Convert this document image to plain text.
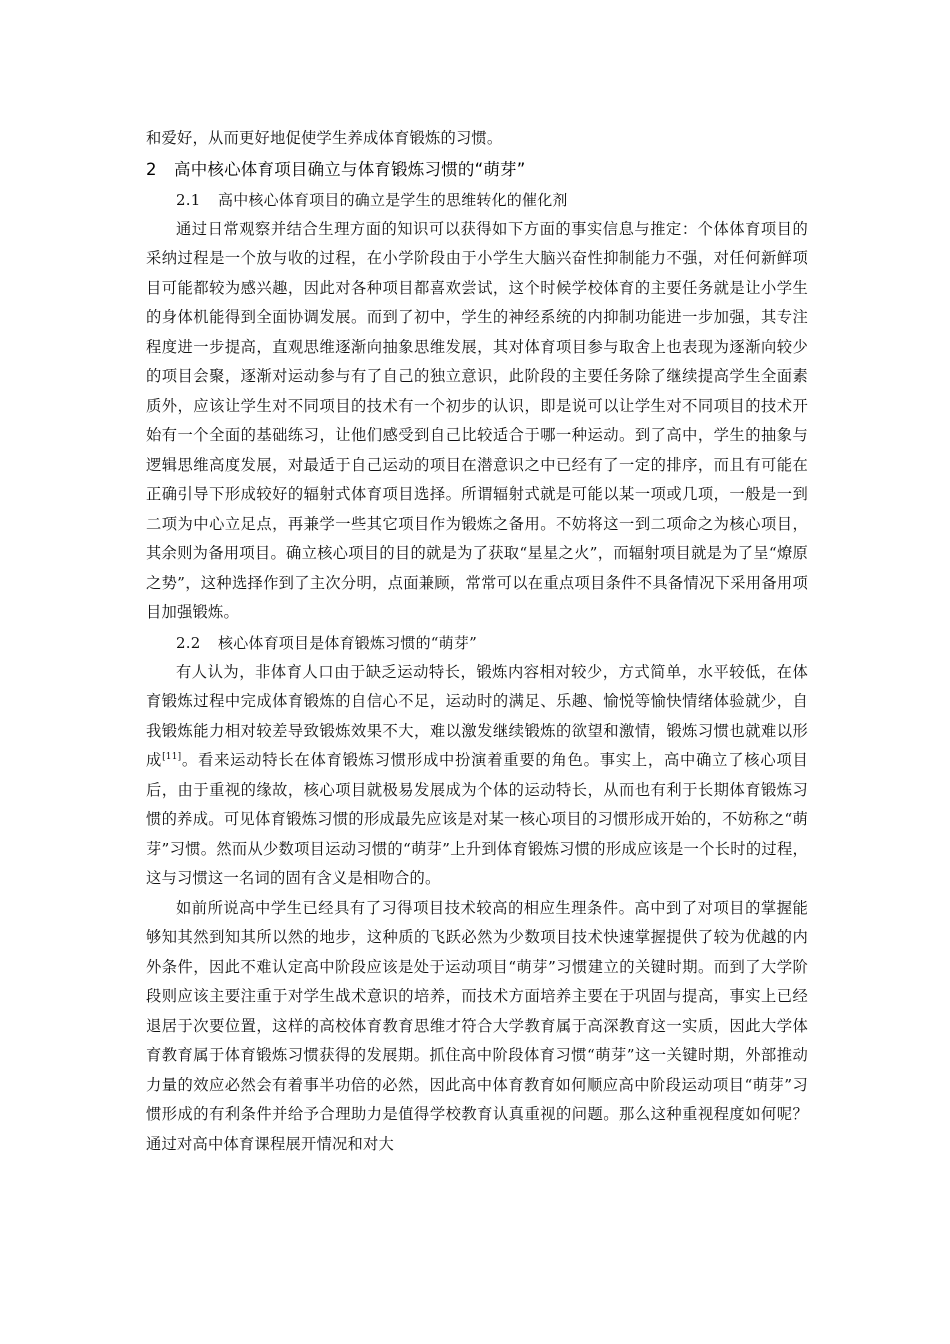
和爱好，从而更好地促使学生养成体育锻炼的习惯。

2 高中核心体育项目确立与体育锻炼习惯的“萌芽”
2.1 高中核心体育项目的确立是学生的思维转化的催化剂

通过日常观察并结合生理方面的知识可以获得如下方面的事实信息与推定：个体体育项目的采纳过程是一个放与收的过程，在小学阶段由于小学生大脑兴奋性抑制能力不强，对任何新鲜项目可能都较为感兴趣，因此对各种项目都喜欢尝试，这个时候学校体育的主要任务就是让小学生的身体机能得到全面协调发展。而到了初中，学生的神经系统的内抑制功能进一步加强，其专注程度进一步提高，直观思维逐渐向抽象思维发展，其对体育项目参与取舍上也表现为逐渐向较少的项目会聚，逐渐对运动参与有了自己的独立意识，此阶段的主要任务除了继续提高学生全面素质外，应该让学生对不同项目的技术有一个初步的认识，即是说可以让学生对不同项目的技术开始有一个全面的基础练习，让他们感受到自己比较适合于哪一种运动。到了高中，学生的抽象与逻辑思维高度发展，对最适于自己运动的项目在潜意识之中已经有了一定的排序，而且有可能在正确引导下形成较好的辐射式体育项目选择。所谓辐射式就是可能以某一项或几项，一般是一到二项为中心立足点，再兼学一些其它项目作为锻炼之备用。不妨将这一到二项命之为核心项目，其余则为备用项目。确立核心项目的目的就是为了获取“星星之火”，而辐射项目就是为了呈“燎原之势”，这种选择作到了主次分明，点面兼顾，常常可以在重点项目条件不具备情况下采用备用项目加强锻炼。

2.2 核心体育项目是体育锻炼习惯的“萌芽”

有人认为，非体育人口由于缺乏运动特长，锻炼内容相对较少，方式简单，水平较低，在体育锻炼过程中完成体育锻炼的自信心不足，运动时的满足、乐趣、愉悦等愉快情绪体验就少，自我锻炼能力相对较差导致锻炼效果不大，难以激发继续锻炼的欲望和激情，锻炼习惯也就难以形成[11]。看来运动特长在体育锻炼习惯形成中扮演着重要的角色。事实上，高中确立了核心项目后，由于重视的缘故，核心项目就极易发展成为个体的运动特长，从而也有利于长期体育锻炼习惯的养成。可见体育锻炼习惯的形成最先应该是对某一核心项目的习惯形成开始的，不妨称之“萌芽”习惯。然而从少数项目运动习惯的“萌芽”上升到体育锻炼习惯的形成应该是一个长时的过程，这与习惯这一名词的固有含义是相吻合的。

如前所说高中学生已经具有了习得项目技术较高的相应生理条件。高中到了对项目的掌握能够知其然到知其所以然的地步，这种质的飞跃必然为少数项目技术快速掌握提供了较为优越的内外条件，因此不难认定高中阶段应该是处于运动项目“萌芽”习惯建立的关键时期。而到了大学阶段则应该主要注重于对学生战术意识的培养，而技术方面培养主要在于巩固与提高，事实上已经退居于次要位置，这样的高校体育教育思维才符合大学教育属于高深教育这一实质，因此大学体育教育属于体育锻炼习惯获得的发展期。抓住高中阶段体育习惯“萌芽”这一关键时期，外部推动力量的效应必然会有着事半功倍的必然，因此高中体育教育如何顺应高中阶段运动项目“萌芽”习惯形成的有利条件并给予合理助力是值得学校教育认真重视的问题。那么这种重视程度如何呢？通过对高中体育课程展开情况和对大
